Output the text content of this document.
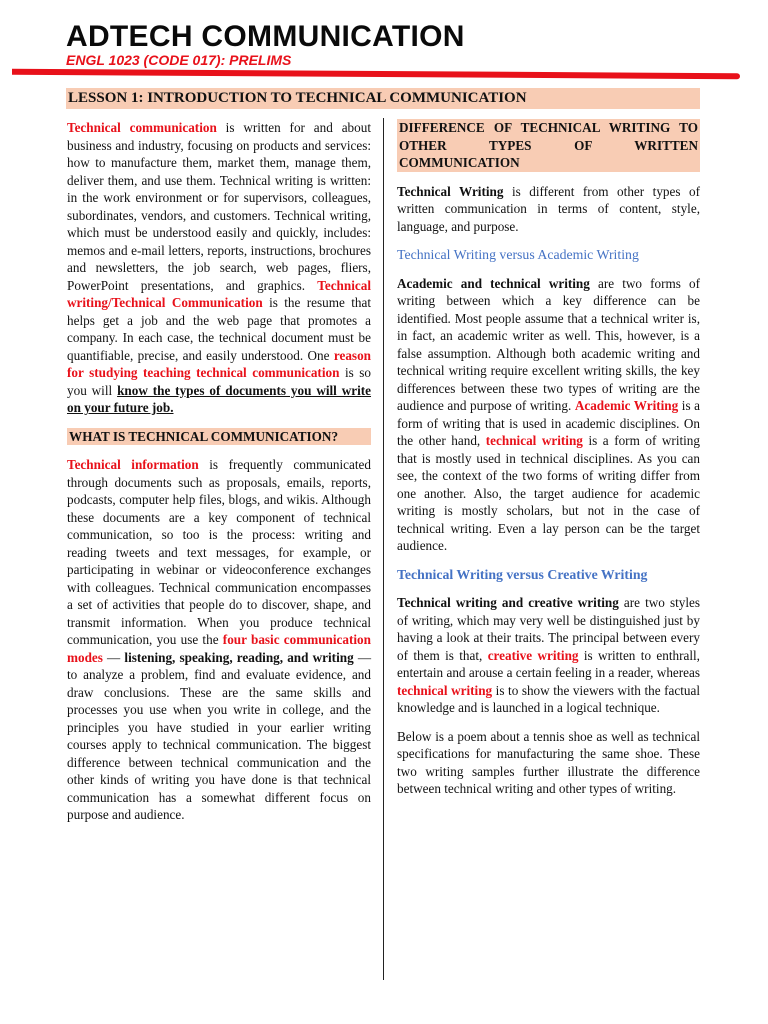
ADTECH COMMUNICATION
ENGL 1023 (CODE 017): PRELIMS
LESSON 1: INTRODUCTION TO TECHNICAL COMMUNICATION

Technical communication is written for and about business and industry, focusing on products and services: how to manufacture them, market them, manage them, deliver them, and use them. Technical writing is written: in the work environment or for supervisors, colleagues, subordinates, vendors, and customers. Technical writing, which must be understood easily and quickly, includes: memos and e-mail letters, reports, instructions, brochures and newsletters, the job search, web pages, fliers, PowerPoint presentations, and graphics. Technical writing/Technical Communication is the resume that helps get a job and the web page that promotes a company. In each case, the technical document must be quantifiable, precise, and easily understood. One reason for studying teaching technical communication is so you will know the types of documents you will write on your future job.

WHAT IS TECHNICAL COMMUNICATION?

Technical information is frequently communicated through documents such as proposals, emails, reports, podcasts, computer help files, blogs, and wikis. Although these documents are a key component of technical communication, so too is the process: writing and reading tweets and text messages, for example, or participating in webinar or videoconference exchanges with colleagues. Technical communication encompasses a set of activities that people do to discover, shape, and transmit information. When you produce technical communication, you use the four basic communication modes — listening, speaking, reading, and writing — to analyze a problem, find and evaluate evidence, and draw conclusions. These are the same skills and processes you use when you write in college, and the principles you have studied in your earlier writing courses apply to technical communication. The biggest difference between technical communication and the other kinds of writing you have done is that technical communication has a somewhat different focus on purpose and audience.

DIFFERENCE OF TECHNICAL WRITING TO OTHER TYPES OF WRITTEN COMMUNICATION

Technical Writing is different from other types of written communication in terms of content, style, language, and purpose.

Technical Writing versus Academic Writing

Academic and technical writing are two forms of writing between which a key difference can be identified. Most people assume that a technical writer is, in fact, an academic writer as well. This, however, is a false assumption. Although both academic writing and technical writing require excellent writing skills, the key differences between these two types of writing are the audience and purpose of writing. Academic Writing is a form of writing that is used in academic disciplines. On the other hand, technical writing is a form of writing that is mostly used in technical disciplines. As you can see, the context of the two forms of writing differ from one another. Also, the target audience for academic writing is mostly scholars, but not in the case of technical writing. Even a lay person can be the target audience.

Technical Writing versus Creative Writing

Technical writing and creative writing are two styles of writing, which may very well be distinguished just by having a look at their traits. The principal between every of them is that, creative writing is written to enthrall, entertain and arouse a certain feeling in a reader, whereas technical writing is to show the viewers with the factual knowledge and is launched in a logical technique.

Below is a poem about a tennis shoe as well as technical specifications for manufacturing the same shoe. These two writing samples further illustrate the difference between technical writing and other types of writing.
